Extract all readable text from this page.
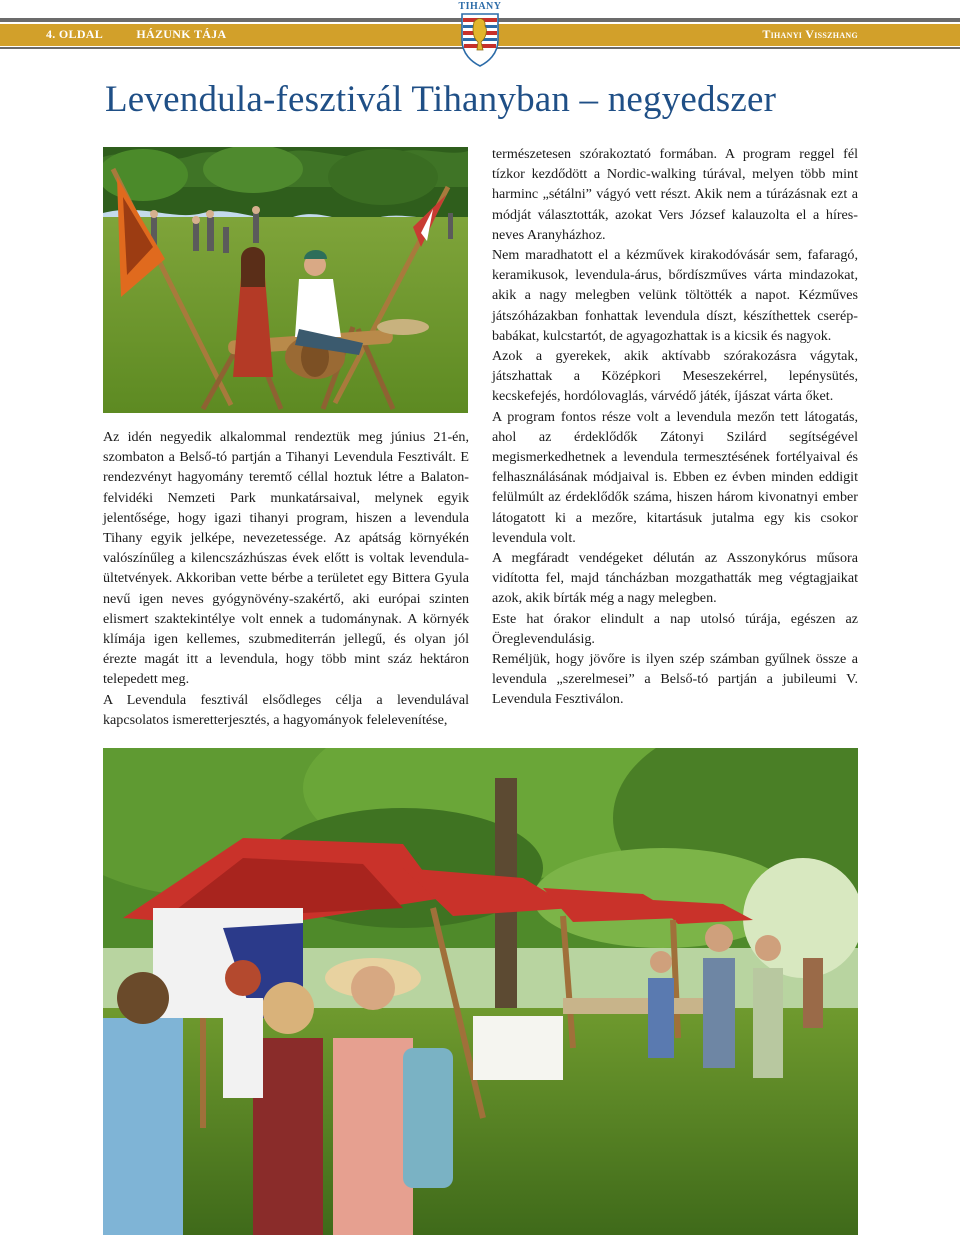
4. OLDAL	HÁZUNK TÁJA	Tihanyi Visszhang
TIHANY
Levendula-fesztivál Tihanyban – negyedszer

Az idén negyedik alkalommal rendeztük meg június 21-én, szombaton a Belső-tó partján a Tihanyi Levendula Fesztivált. E rendezvényt hagyomány teremtő céllal hoztuk létre a Balaton-felvidéki Nemzeti Park munkatársaival, melynek egyik jelentősége, hogy igazi tihanyi program, hiszen a levendula Tihany egyik jelképe, nevezetessége. Az apátság környékén valószínűleg a kilencszázhúszas évek előtt is voltak levendula-ültetvények. Akkoriban vette bérbe a területet egy Bittera Gyula nevű igen neves gyógynövény-szakértő, aki európai szinten elismert szaktekintélye volt ennek a tudománynak. A környék klímája igen kellemes, szubmediterrán jellegű, és olyan jól érezte magát itt a levendula, hogy több mint száz hektáron telepedett meg.

A Levendula fesztivál elsődleges célja a levendulával kapcsolatos ismeretterjesztés, a hagyományok felelevenítése,

természetesen szórakoztató formában. A program reggel fél tízkor kezdődött a Nordic-walking túrával, melyen több mint harminc „sétálni” vágyó vett részt. Akik nem a túrázásnak ezt a módját választották, azokat Vers József kalauzolta el a híres-neves Aranyházhoz.

Nem maradhatott el a kézművek kirakodóvásár sem, fafaragó, keramikusok, levendula-árus, bőrdíszműves várta mindazokat, akik a nagy melegben velünk töltötték a napot. Kézműves játszóházakban fonhattak levendula díszt, készíthettek cserép-babákat, kulcstartót, de agyagozhattak is a kicsik és nagyok.

Azok a gyerekek, akik aktívabb szórakozásra vágytak, játszhattak a Középkori Meseszekérrel, lepénysütés, kecskefejés, hordólovaglás, várvédő játék, íjászat várta őket.

A program fontos része volt a levendula mezőn tett látogatás, ahol az érdeklődők Zátonyi Szilárd segítségével megismerkedhetnek a levendula termesztésének fortélyaival és felhasználásának módjaival is. Ebben ez évben minden eddigit felülmúlt az érdeklődők száma, hiszen három kivonatnyi ember látogatott ki a mezőre, kitartásuk jutalma egy kis csokor levendula volt.

A megfáradt vendégeket délután az Asszonykórus műsora vidította fel, majd táncházban mozgathatták meg végtagjaikat azok, akik bírták még a nagy melegben.

Este hat órakor elindult a nap utolsó túrája, egészen az Öreglevendulásig.

Reméljük, hogy jövőre is ilyen szép számban gyűlnek össze a levendula „szerelmesei” a Belső-tó partján a jubileumi V. Levendula Fesztiválon.
